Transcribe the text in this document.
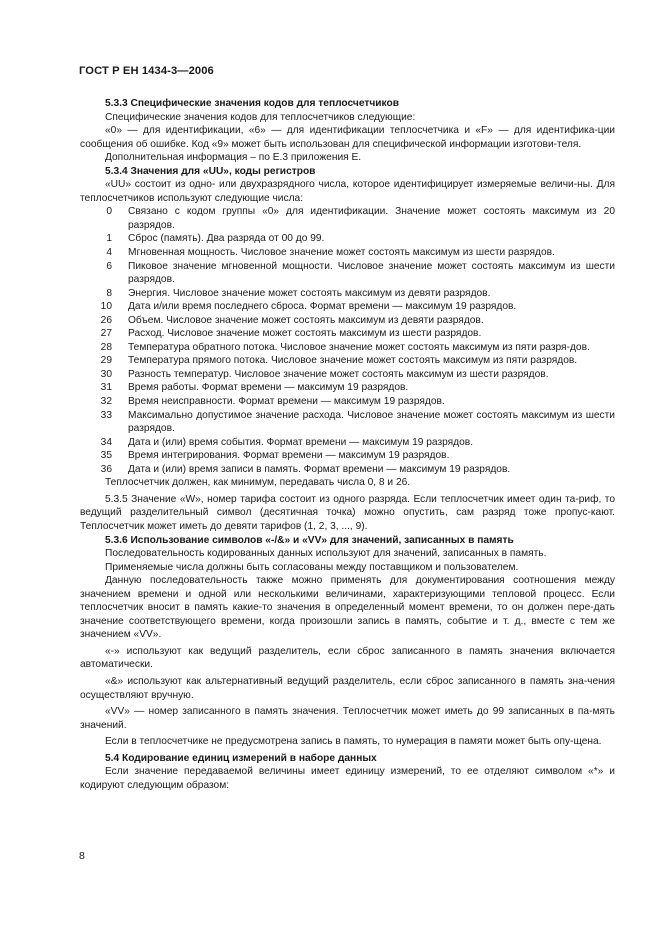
ГОСТ Р ЕН 1434-3—2006

5.3.3 Специфические значения кодов для теплосчетчиков

Специфические значения кодов для теплосчетчиков следующие:

«0» — для идентификации, «6» — для идентификации теплосчетчика и «F» — для идентифика-ции сообщения об ошибке. Код «9» может быть использован для специфической информации изготови-теля.

Дополнительная информация – по Е.3 приложения Е.

5.3.4 Значения для «UU», коды регистров

«UU» состоит из одно- или двухразрядного числа, которое идентифицирует измеряемые величи-ны. Для теплосчетчиков используют следующие числа:

0	Связано с кодом группы «0» для идентификации. Значение может состоять максимум из 20 разрядов.
1	Сброс (память). Два разряда от 00 до 99.
4	Мгновенная мощность. Числовое значение может состоять максимум из шести разрядов.
6	Пиковое значение мгновенной мощности. Числовое значение может состоять максимум из шести разрядов.
8	Энергия. Числовое значение может состоять максимум из девяти разрядов.
10	Дата и/или время последнего сброса. Формат времени — максимум 19 разрядов.
26	Объем. Числовое значение может состоять максимум из девяти разрядов.
27	Расход. Числовое значение может состоять максимум из шести разрядов.
28	Температура обратного потока. Числовое значение может состоять максимум из пяти разря-дов.
29	Температура прямого потока. Числовое значение может состоять максимум из пяти разрядов.
30	Разность температур. Числовое значение может состоять максимум из шести разрядов.
31	Время работы. Формат времени — максимум 19 разрядов.
32	Время неисправности. Формат времени — максимум 19 разрядов.
33	Максимально допустимое значение расхода. Числовое значение может состоять максимум из шести разрядов.
34	Дата и (или) время события. Формат времени — максимум 19 разрядов.
35	Время интегрирования. Формат времени — максимум 19 разрядов.
36	Дата и (или) время записи в память. Формат времени — максимум 19 разрядов.

Теплосчетчик должен, как минимум, передавать числа 0, 8 и 26.

5.3.5 Значение «W», номер тарифа состоит из одного разряда. Если теплосчетчик имеет один та-риф, то ведущий разделительный символ (десятичная точка) можно опустить, сам разряд тоже пропус-кают. Теплосчетчик может иметь до девяти тарифов (1, 2, 3, ..., 9).

5.3.6 Использование символов «-/&» и «VV» для значений, записанных в память

Последовательность кодированных данных используют для значений, записанных в память.

Применяемые числа должны быть согласованы между поставщиком и пользователем.

Данную последовательность также можно применять для документирования соотношения между значением времени и одной или несколькими величинами, характеризующими тепловой процесс. Если теплосчетчик вносит в память какие-то значения в определенный момент времени, то он должен пере-дать значение соответствующего времени, когда произошли запись в память, событие и т. д., вместе с тем же значением «VV».

«-» используют как ведущий разделитель, если сброс записанного в память значения включается автоматически.

«&» используют как альтернативный ведущий разделитель, если сброс записанного в память зна-чения осуществляют вручную.

«VV» — номер записанного в память значения. Теплосчетчик может иметь до 99 записанных в па-мять значений.

Если в теплосчетчике не предусмотрена запись в память, то нумерация в памяти может быть опу-щена.

5.4 Кодирование единиц измерений в наборе данных

Если значение передаваемой величины имеет единицу измерений, то ее отделяют символом «*» и кодируют следующим образом:

8
